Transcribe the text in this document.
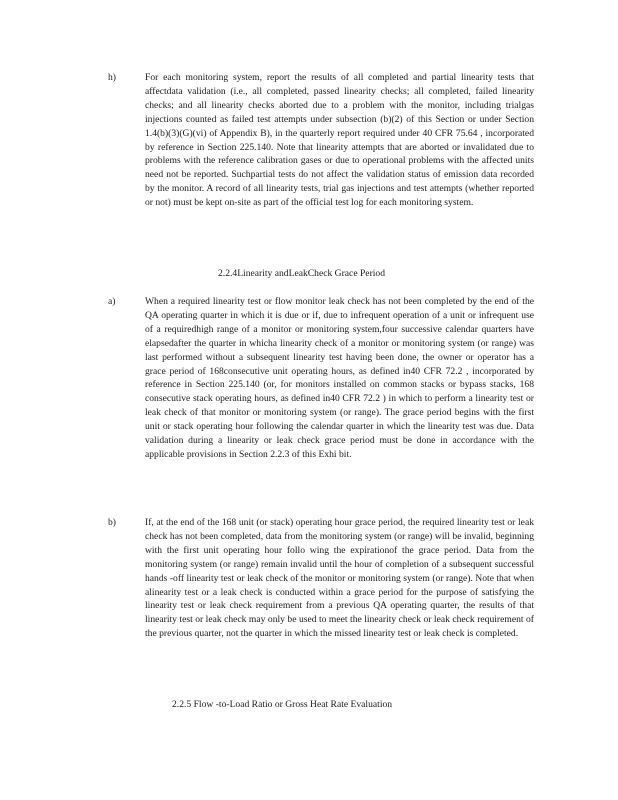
h)	For each monitoring system, report the results of all completed and partial linearity tests that affectdata validation (i.e., all completed, passed linearity checks; all completed, failed linearity checks; and all linearity checks aborted due to a problem with the monitor, including trialgas injections counted as failed test attempts under subsection (b)(2) of this Section or under Section 1.4(b)(3)(G)(vi) of Appendix B), in the quarterly report required under 40 CFR 75.64 , incorporated by reference in Section 225.140. Note that linearity attempts that are aborted or invalidated due to problems with the reference calibration gases or due to operational problems with the affected units need not be reported. Suchpartial tests do not affect the validation status of emission data recorded by the monitor. A record of all linearity tests, trial gas injections and test attempts (whether reported or not) must be kept on-site as part of the official test log for each monitoring system.
2.2.4Linearity andLeakCheck Grace Period
a)	When a required linearity test or flow monitor leak check has not been completed by the end of the QA operating quarter in which it is due or if, due to infrequent operation of a unit or infrequent use of a requiredhigh range of a monitor or monitoring system,four successive calendar quarters have elapsedafter the quarter in whicha linearity check of a monitor or monitoring system (or range) was last performed without a subsequent linearity test having been done, the owner or operator has a grace period of 168consecutive unit operating hours, as defined in40 CFR 72.2 , incorporated by reference in Section 225.140 (or, for monitors installed on common stacks or bypass stacks, 168 consecutive stack operating hours, as defined in40 CFR 72.2 ) in which to perform a linearity test or leak check of that monitor or monitoring system (or range). The grace period begins with the first unit or stack operating hour following the calendar quarter in which the linearity test was due. Data validation during a linearity or leak check grace period must be done in accordance with the applicable provisions in Section 2.2.3 of this Exhi bit.
b)	If, at the end of the 168 unit (or stack) operating hour grace period, the required linearity test or leak check has not been completed, data from the monitoring system (or range) will be invalid, beginning with the first unit operating hour follo wing the expirationof the grace period. Data from the monitoring system (or range) remain invalid until the hour of completion of a subsequent successful hands -off linearity test or leak check of the monitor or monitoring system (or range). Note that when alinearity test or a leak check is conducted within a grace period for the purpose of satisfying the linearity test or leak check requirement from a previous QA operating quarter, the results of that linearity test or leak check may only be used to meet the linearity check or leak check requirement of the previous quarter, not the quarter in which the missed linearity test or leak check is completed.
2.2.5 Flow -to-Load Ratio or Gross Heat Rate Evaluation
